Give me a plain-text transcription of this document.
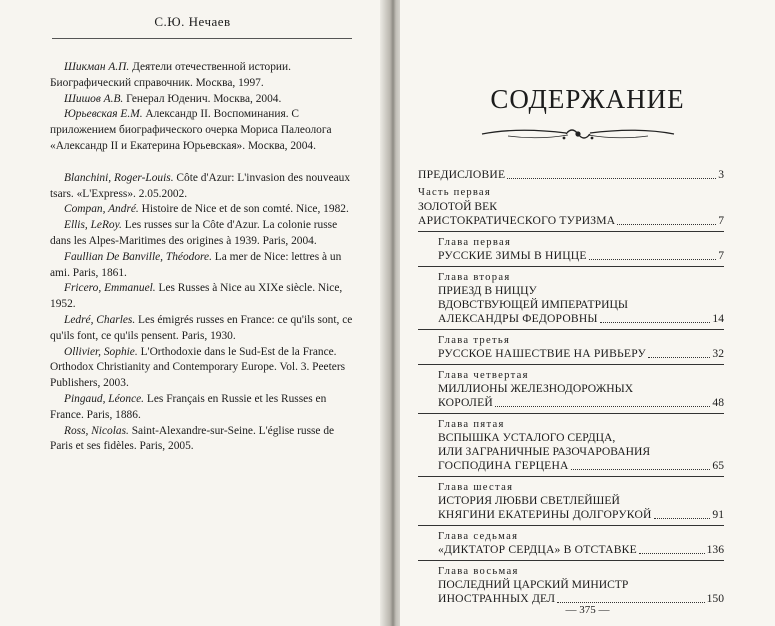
С.Ю. Нечаев

Шикман А.П. Деятели отечественной истории. Биографический справочник. Москва, 1997.

Шишов А.В. Генерал Юденич. Москва, 2004.

Юрьевская Е.М. Александр II. Воспоминания. С приложением биографического очерка Мориса Палеолога «Александр II и Екатерина Юрьевская». Москва, 2004.

Blanchini, Roger-Louis. Côte d'Azur: L'invasion des nouveaux tsars. «L'Express». 2.05.2002.

Compan, André. Histoire de Nice et de son comté. Nice, 1982.

Ellis, LeRoy. Les russes sur la Côte d'Azur. La colonie russe dans les Alpes-Maritimes des origines à 1939. Paris, 2004.

Faullian De Banville, Théodore. La mer de Nice: lettres à un ami. Paris, 1861.

Fricero, Emmanuel. Les Russes à Nice au XIXe siècle. Nice, 1952.

Ledré, Charles. Les émigrés russes en France: ce qu'ils sont, ce qu'ils font, ce qu'ils pensent. Paris, 1930.

Ollivier, Sophie. L'Orthodoxie dans le Sud-Est de la France. Orthodox Christianity and Contemporary Europe. Vol. 3. Peeters Publishers, 2003.

Pingaud, Léonce. Les Français en Russie et les Russes en France. Paris, 1886.

Ross, Nicolas. Saint-Alexandre-sur-Seine. L'église russe de Paris et ses fidèles. Paris, 2005.

СОДЕРЖАНИЕ
ПРЕДИСЛОВИЕ	3
Часть первая
ЗОЛОТОЙ ВЕК
АРИСТОКРАТИЧЕСКОГО ТУРИЗМА	7
Глава первая
РУССКИЕ ЗИМЫ В НИЦЦЕ	7
Глава вторая
ПРИЕЗД В НИЦЦУ
ВДОВСТВУЮЩЕЙ ИМПЕРАТРИЦЫ
АЛЕКСАНДРЫ ФЕДОРОВНЫ	14
Глава третья
РУССКОЕ НАШЕСТВИЕ НА РИВЬЕРУ	32
Глава четвертая
МИЛЛИОНЫ ЖЕЛЕЗНОДОРОЖНЫХ
КОРОЛЕЙ	48
Глава пятая
ВСПЫШКА УСТАЛОГО СЕРДЦА,
ИЛИ ЗАГРАНИЧНЫЕ РАЗОЧАРОВАНИЯ
ГОСПОДИНА ГЕРЦЕНА	65
Глава шестая
ИСТОРИЯ ЛЮБВИ СВЕТЛЕЙШЕЙ
КНЯГИНИ ЕКАТЕРИНЫ ДОЛГОРУКОЙ	91
Глава седьмая
«ДИКТАТОР СЕРДЦА» В ОТСТАВКЕ	136
Глава восьмая
ПОСЛЕДНИЙ ЦАРСКИЙ МИНИСТР
ИНОСТРАННЫХ ДЕЛ	150
— 375 —
